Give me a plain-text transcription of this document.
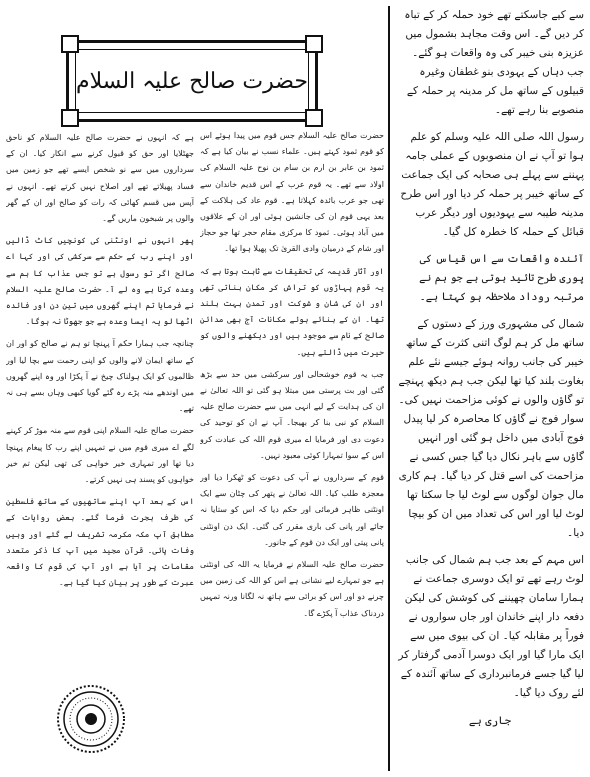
سے کیے جاسکتے تھے خود حملہ کر کے تباہ کر دیں گے۔ اس وقت مجاہد بشمول میں عزیزہ بنی خیبر کی وہ واقعات ہو گئے۔ جب دہاں کے یہودی بنو غطفان وغیرہ قبیلوں کے ساتھ مل کر مدینہ پر حملہ کے منصوبے بنا رہے تھے۔

رسول اللہ صلی اللہ علیہ وسلم کو علم ہوا تو آپ نے ان منصوبوں کے عملی جامہ پہننے سے پہلے ہی صحابہ کی ایک جماعت کے ساتھ خیبر پر حملہ کر دیا اور اس طرح مدینہ طیبہ سے یہودیوں اور دیگر عرب قبائل کے حملہ کا خطرہ کل گیا۔

آئندہ واقعات سے اس قیاس کی پوری طرح تائید ہوتی ہے جو ہم نے مرتبہ روداد ملاحظہ ہو کہتا ہے۔

شمال کی مشہوری ورز کے دستوں کے ساتھ مل کر ہم لوگ اتنی کثرت کے ساتھ خیبر کی جانب روانہ ہوئے جیسے نئے علم بغاوت بلند کیا تھا لیکن جب ہم دیکھ پہنچے تو گاؤں والوں نے کوئی مزاحمت نہیں کی۔ سوار فوج نے گاؤں کا محاصرہ کر لیا پیدل فوج آبادی میں داخل ہو گئی اور انہیں گاؤں سے باہر نکال دیا گیا جس کسی نے مزاحمت کی اسے قتل کر دیا گیا۔ ہم کاری مال جوان لوگوں سے لوٹ لیا جا سکتا تھا لوٹ لیا اور اس کی تعداد میں ان کو بیچا دیا۔

اس مہم کے بعد جب ہم شمال کی جانب لوٹ رہے تھے تو ایک دوسری جماعت نے ہمارا سامان چھیننے کی کوشش کی لیکن دفعہ دار اپنے خاندان اور جاں سواروں نے فوراً پر مقابلہ کیا۔ ان کی بیوی میں سے ایک مارا گیا اور ایک دوسرا آدمی گرفتار کر لیا گیا جسے فرمانبرداری کے ساتھ آئندہ کے لئے روک دیا گیا۔

جاری ہے
حضرت صالح علیہ السلام

حضرت صالح علیہ السلام جس قوم میں پیدا ہوئے اس کو قوم ثمود کہتے ہیں۔ علماء نسب نے بیان کیا ہے کہ ثمود بن عابر بن ارم بن سام بن نوح علیہ السلام کی اولاد سے تھے۔ یہ قوم عرب کے اس قدیم خاندان سے تھی جو عرب بائدہ کہلاتا ہے۔ قوم عاد کی ہلاکت کے بعد یہی قوم ان کی جانشین ہوئی اور ان کے علاقوں میں آباد ہوئی۔ ثمود کا مرکزی مقام حجر تھا جو حجاز اور شام کے درمیان وادی القریٰ تک پھیلا ہوا تھا۔

اور آثار قدیمہ کی تحقیقات سے ثابت ہوتا ہے کہ یہ قوم پہاڑوں کو تراش کر مکان بناتی تھی اور ان کی شان و شوکت اور تمدن بہت بلند تھا۔ ان کے بنائے ہوئے مکانات آج بھی مدائن صالح کے نام سے موجود ہیں اور دیکھنے والوں کو حیرت میں ڈالتے ہیں۔

جب یہ قوم خوشحالی اور سرکشی میں حد سے بڑھ گئی اور بت پرستی میں مبتلا ہو گئی تو اللہ تعالیٰ نے ان کی ہدایت کے لیے انہی میں سے حضرت صالح علیہ السلام کو نبی بنا کر بھیجا۔ آپ نے ان کو توحید کی دعوت دی اور فرمایا اے میری قوم اللہ کی عبادت کرو اس کے سوا تمہارا کوئی معبود نہیں۔

قوم کے سرداروں نے آپ کی دعوت کو ٹھکرا دیا اور معجزہ طلب کیا۔ اللہ تعالیٰ نے پتھر کی چٹان سے ایک اونٹنی ظاہر فرمائی اور حکم دیا کہ اس کو ستایا نہ جائے اور پانی کی باری مقرر کی گئی۔ ایک دن اونٹنی پانی پیتی اور ایک دن قوم کے جانور۔

حضرت صالح علیہ السلام نے فرمایا یہ اللہ کی اونٹنی ہے جو تمہارے لیے نشانی ہے اس کو اللہ کی زمین میں چرنے دو اور اس کو برائی سے ہاتھ نہ لگانا ورنہ تمہیں دردناک عذاب آ پکڑے گا۔

ہے کہ انہوں نے حضرت صالح علیہ السلام کو ناحق جھٹلایا اور حق کو قبول کرنے سے انکار کیا۔ ان کے سرداروں میں سے نو شخص ایسے تھے جو زمین میں فساد پھیلاتے تھے اور اصلاح نہیں کرتے تھے۔ انہوں نے آپس میں قسم کھائی کہ رات کو صالح اور ان کے گھر والوں پر شبخون ماریں گے۔

پھر انہوں نے اونٹنی کی کونچیں کاٹ ڈالیں اور اپنے رب کے حکم سے سرکشی کی اور کہا اے صالح اگر تو رسول ہے تو جس عذاب کا ہم سے وعدہ کرتا ہے وہ لے آ۔ حضرت صالح علیہ السلام نے فرمایا تم اپنے گھروں میں تین دن اور فائدہ اٹھا لو یہ ایسا وعدہ ہے جو جھوٹا نہ ہوگا۔

چنانچہ جب ہمارا حکم آ پہنچا تو ہم نے صالح کو اور ان کے ساتھ ایمان لانے والوں کو اپنی رحمت سے بچا لیا اور ظالموں کو ایک ہولناک چیخ نے آ پکڑا اور وہ اپنے گھروں میں اوندھے منہ پڑے رہ گئے گویا کبھی وہاں بسے ہی نہ تھے۔

حضرت صالح علیہ السلام اپنی قوم سے منہ موڑ کر کہنے لگے اے میری قوم میں نے تمہیں اپنے رب کا پیغام پہنچا دیا تھا اور تمہاری خیر خواہی کی تھی لیکن تم خیر خواہوں کو پسند ہی نہیں کرتے۔

اس کے بعد آپ اپنے ساتھیوں کے ساتھ فلسطین کی طرف ہجرت فرما گئے۔ بعض روایات کے مطابق آپ مکہ مکرمہ تشریف لے گئے اور وہیں وفات پائی۔ قرآن مجید میں آپ کا ذکر متعدد مقامات پر آیا ہے اور آپ کی قوم کا واقعہ عبرت کے طور پر بیان کیا گیا ہے۔
